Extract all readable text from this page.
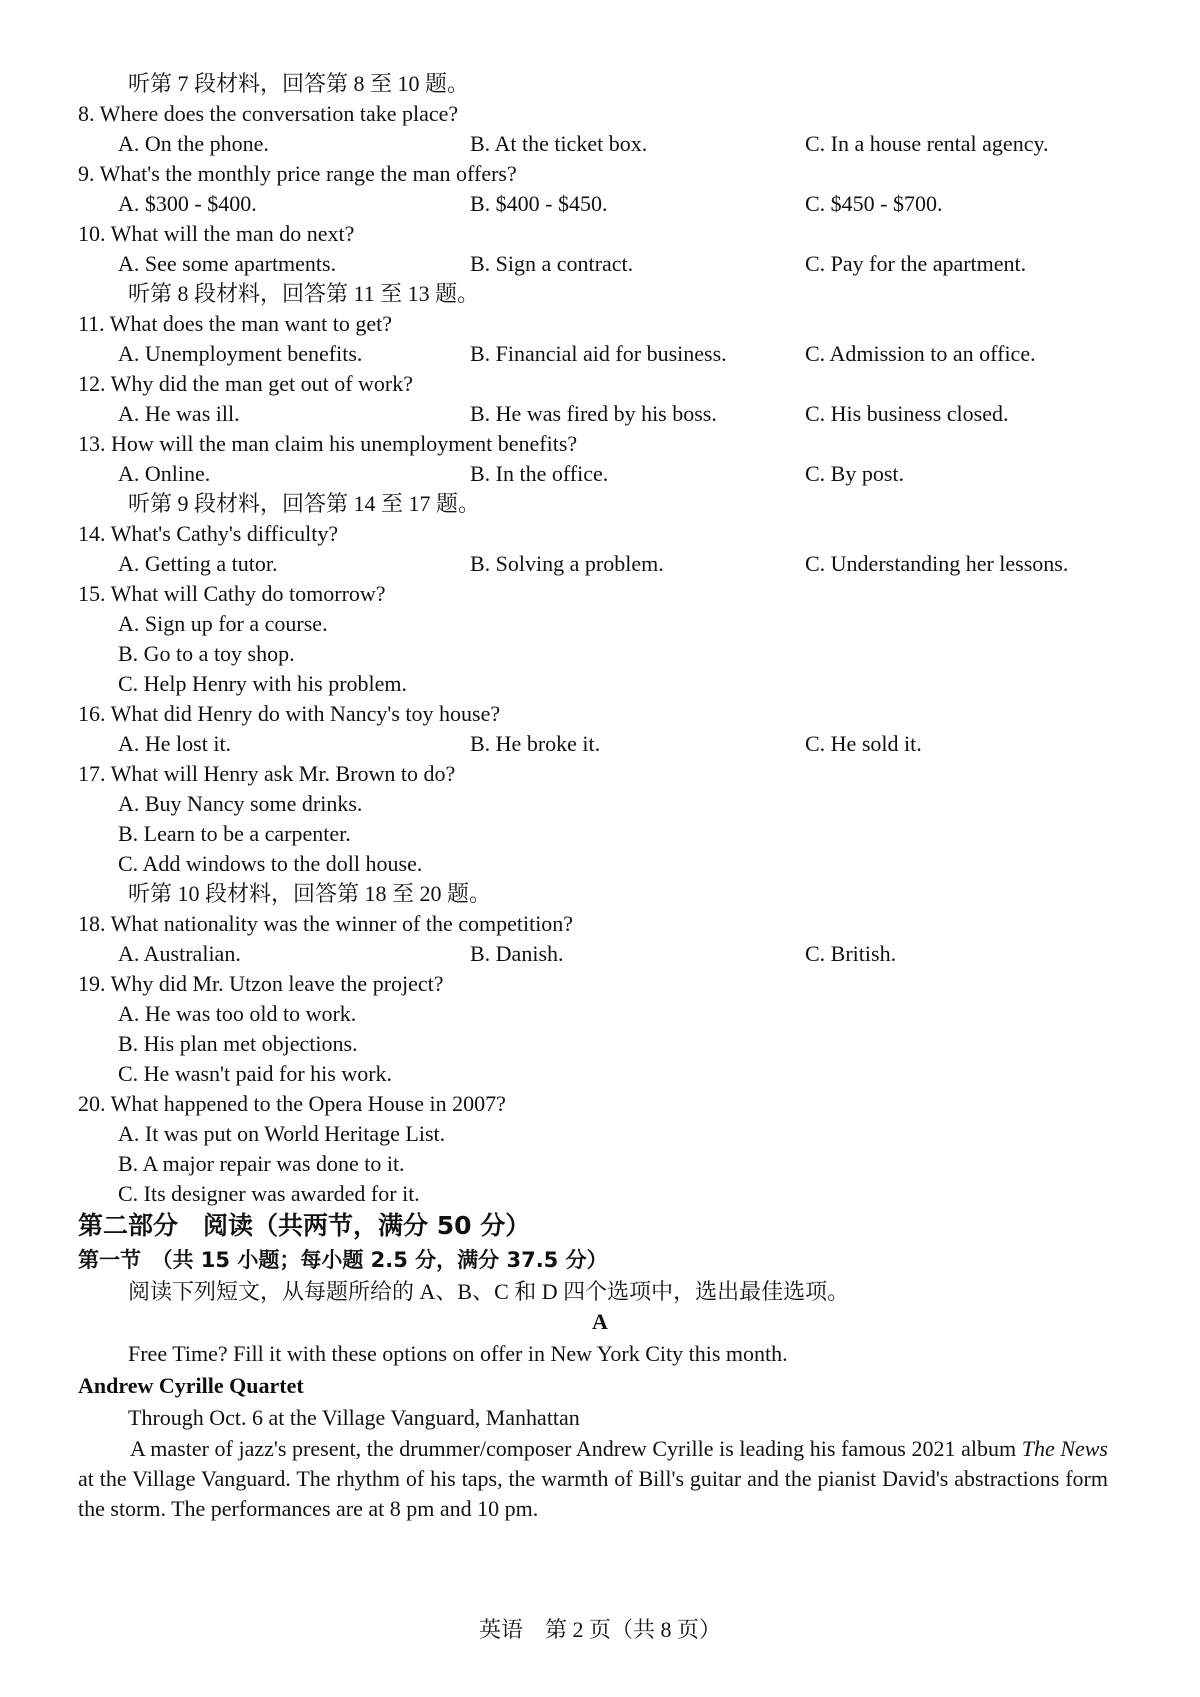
听第 7 段材料，回答第 8 至 10 题。
8. Where does the conversation take place?
A. On the phone.	B. At the ticket box.	C. In a house rental agency.
9. What's the monthly price range the man offers?
A. $300 - $400.	B. $400 - $450.	C. $450 - $700.
10. What will the man do next?
A. See some apartments.	B. Sign a contract.	C. Pay for the apartment.
听第 8 段材料，回答第 11 至 13 题。
11. What does the man want to get?
A. Unemployment benefits.	B. Financial aid for business.	C. Admission to an office.
12. Why did the man get out of work?
A. He was ill.	B. He was fired by his boss.	C. His business closed.
13. How will the man claim his unemployment benefits?
A. Online.	B. In the office.	C. By post.
听第 9 段材料，回答第 14 至 17 题。
14. What's Cathy's difficulty?
A. Getting a tutor.	B. Solving a problem.	C. Understanding her lessons.
15. What will Cathy do tomorrow?
A. Sign up for a course.
B. Go to a toy shop.
C. Help Henry with his problem.
16. What did Henry do with Nancy's toy house?
A. He lost it.	B. He broke it.	C. He sold it.
17. What will Henry ask Mr. Brown to do?
A. Buy Nancy some drinks.
B. Learn to be a carpenter.
C. Add windows to the doll house.
听第 10 段材料，回答第 18 至 20 题。
18. What nationality was the winner of the competition?
A. Australian.	B. Danish.	C. British.
19. Why did Mr. Utzon leave the project?
A. He was too old to work.
B. His plan met objections.
C. He wasn't paid for his work.
20. What happened to the Opera House in 2007?
A. It was put on World Heritage List.
B. A major repair was done to it.
C. Its designer was awarded for it.
第二部分　阅读（共两节，满分 50 分）
第一节　（共 15 小题；每小题 2.5 分，满分 37.5 分）
阅读下列短文，从每题所给的 A、B、C 和 D 四个选项中，选出最佳选项。
A
Free Time? Fill it with these options on offer in New York City this month.
Andrew Cyrille Quartet
Through Oct. 6 at the Village Vanguard, Manhattan
A master of jazz's present, the drummer/composer Andrew Cyrille is leading his famous 2021 album The News at the Village Vanguard. The rhythm of his taps, the warmth of Bill's guitar and the pianist David's abstractions form the storm. The performances are at 8 pm and 10 pm.
英语　第 2 页（共 8 页）
